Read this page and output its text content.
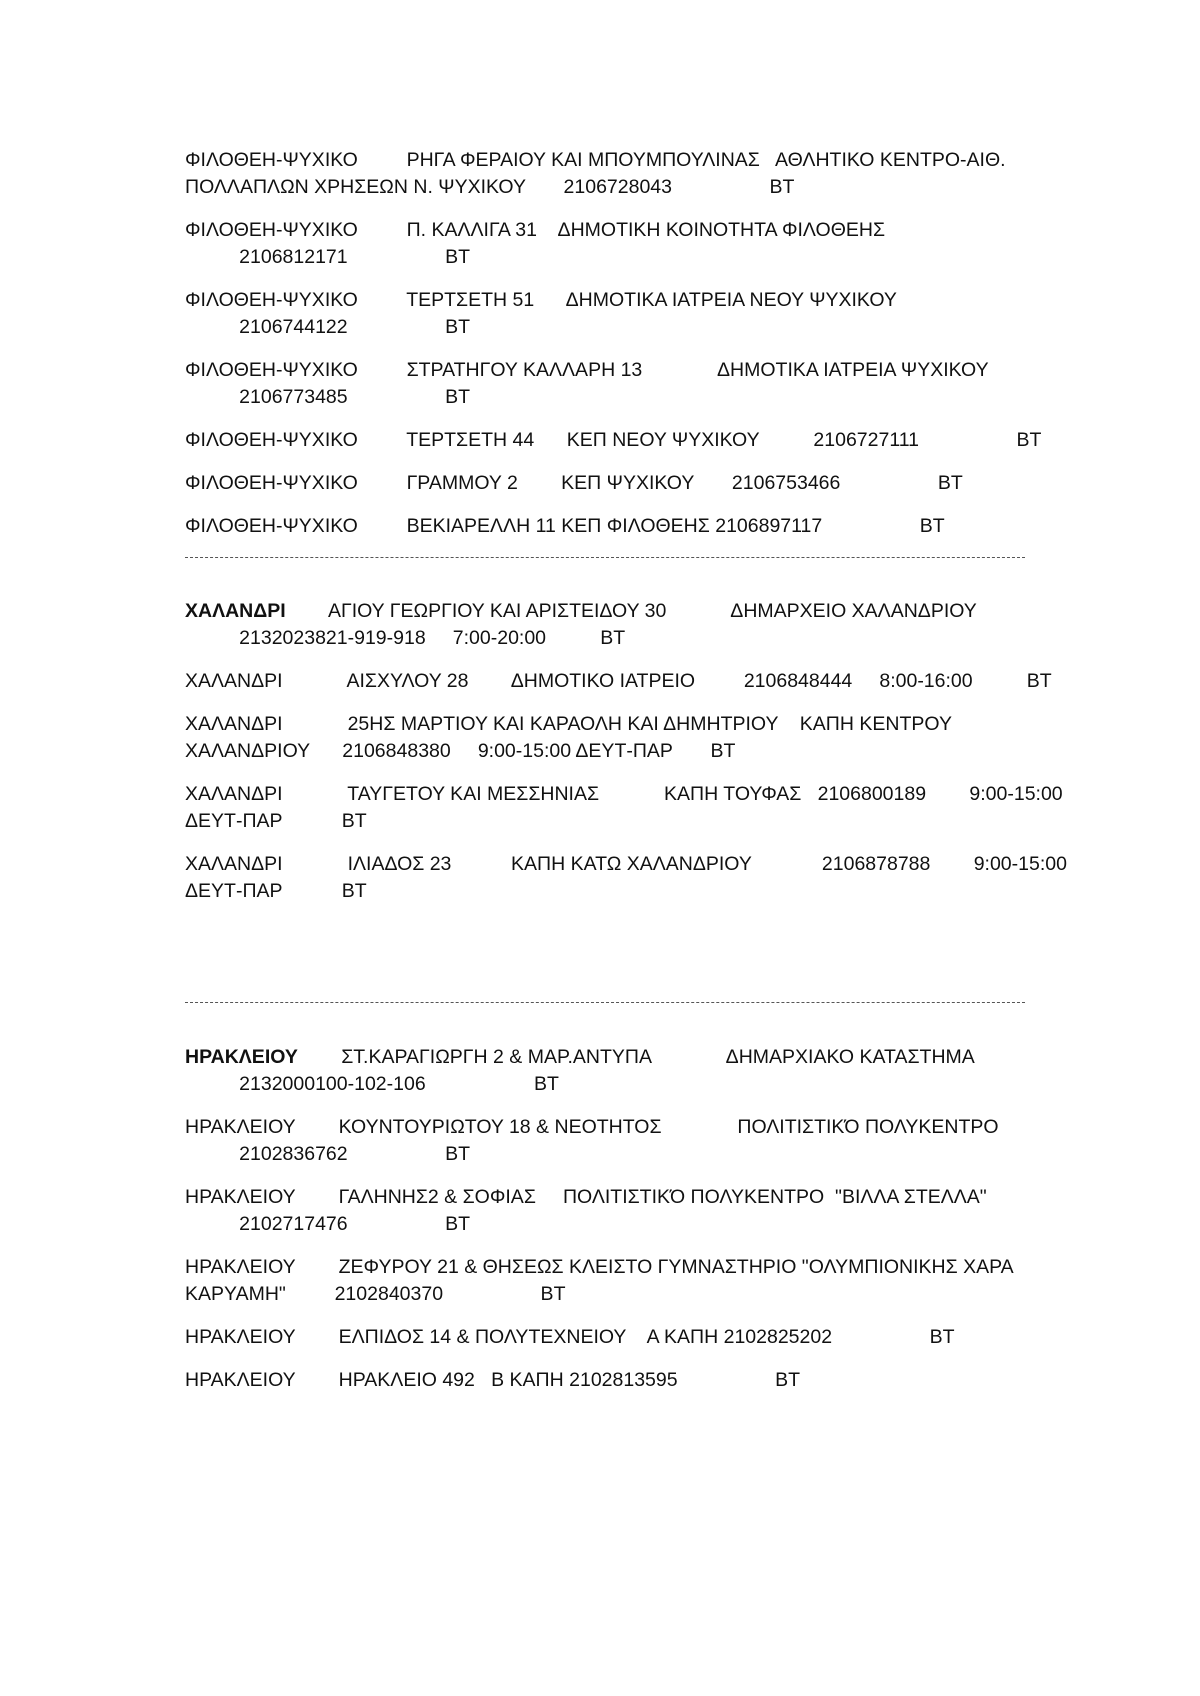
ΦΙΛΟΘΕΗ-ΨΥΧΙΚΟ         ΡΗΓΑ ΦΕΡΑΙΟΥ ΚΑΙ ΜΠΟΥΜΠΟΥΛΙΝΑΣ   ΑΘΛΗΤΙΚΟ ΚΕΝΤΡΟ-ΑΙΘ.
ΠΟΛΛΑΠΛΩΝ ΧΡΗΣΕΩΝ Ν. ΨΥΧΙΚΟΥ       2106728043                  ΒΤ
ΦΙΛΟΘΕΗ-ΨΥΧΙΚΟ         Π. ΚΑΛΛΙΓΑ 31    ΔΗΜΟΤΙΚΗ ΚΟΙΝΟΤΗΤΑ ΦΙΛΟΘΕΗΣ
2106812171                  ΒΤ
ΦΙΛΟΘΕΗ-ΨΥΧΙΚΟ         ΤΕΡΤΣΕΤΗ 51      ΔΗΜΟΤΙΚΑ ΙΑΤΡΕΙΑ ΝΕΟΥ ΨΥΧΙΚΟΥ
2106744122                  ΒΤ
ΦΙΛΟΘΕΗ-ΨΥΧΙΚΟ         ΣΤΡΑΤΗΓΟΥ ΚΑΛΛΑΡΗ 13              ΔΗΜΟΤΙΚΑ ΙΑΤΡΕΙΑ ΨΥΧΙΚΟΥ
2106773485                  ΒΤ
ΦΙΛΟΘΕΗ-ΨΥΧΙΚΟ         ΤΕΡΤΣΕΤΗ 44      ΚΕΠ ΝΕΟΥ ΨΥΧΙΚΟΥ          2106727111                  ΒΤ
ΦΙΛΟΘΕΗ-ΨΥΧΙΚΟ         ΓΡΑΜΜΟΥ 2        ΚΕΠ ΨΥΧΙΚΟΥ       2106753466                  ΒΤ
ΦΙΛΟΘΕΗ-ΨΥΧΙΚΟ         ΒΕΚΙΑΡΕΛΛΗ 11 ΚΕΠ ΦΙΛΟΘΕΗΣ 2106897117                  ΒΤ
ΧΑΛΑΝΔΡΙ        ΑΓΙΟΥ ΓΕΩΡΓΙΟΥ ΚΑΙ ΑΡΙΣΤΕΙΔΟΥ 30            ΔΗΜΑΡΧΕΙΟ ΧΑΛΑΝΔΡΙΟΥ
2132023821-919-918     7:00-20:00          ΒΤ
ΧΑΛΑΝΔΡΙ            ΑΙΣΧΥΛΟΥ 28        ΔΗΜΟΤΙΚΟ ΙΑΤΡΕΙΟ         2106848444     8:00-16:00          ΒΤ
ΧΑΛΑΝΔΡΙ            25ΗΣ ΜΑΡΤΙΟΥ ΚΑΙ ΚΑΡΑΟΛΗ ΚΑΙ ΔΗΜΗΤΡΙΟΥ    ΚΑΠΗ ΚΕΝΤΡΟΥ
ΧΑΛΑΝΔΡΙΟΥ      2106848380     9:00-15:00 ΔΕΥΤ-ΠΑΡ       ΒΤ
ΧΑΛΑΝΔΡΙ            ΤΑΥΓΕΤΟΥ ΚΑΙ ΜΕΣΣΗΝΙΑΣ            ΚΑΠΗ ΤΟΥΦΑΣ   2106800189        9:00-15:00
ΔΕΥΤ-ΠΑΡ           ΒΤ
ΧΑΛΑΝΔΡΙ            ΙΛΙΑΔΟΣ 23           ΚΑΠΗ ΚΑΤΩ ΧΑΛΑΝΔΡΙΟΥ             2106878788        9:00-15:00
ΔΕΥΤ-ΠΑΡ           ΒΤ
ΗΡΑΚΛΕΙΟΥ        ΣΤ.ΚΑΡΑΓΙΩΡΓΗ 2 & ΜΑΡ.ΑΝΤΥΠΑ              ΔΗΜΑΡΧΙΑΚΟ ΚΑΤΑΣΤΗΜΑ
2132000100-102-106                    ΒΤ
ΗΡΑΚΛΕΙΟΥ        ΚΟΥΝΤΟΥΡΙΩΤΟΥ 18 & ΝΕΟΤΗΤΟΣ              ΠΟΛΙΤΙΣΤΙΚΌ ΠΟΛΥΚΕΝΤΡΟ
2102836762                  ΒΤ
ΗΡΑΚΛΕΙΟΥ        ΓΑΛΗΝΗΣ2 & ΣΟΦΙΑΣ     ΠΟΛΙΤΙΣΤΙΚΌ ΠΟΛΥΚΕΝΤΡΟ  "ΒΙΛΛΑ ΣΤΕΛΛΑ"
2102717476                  ΒΤ
ΗΡΑΚΛΕΙΟΥ        ΖΕΦΥΡΟΥ 21 & ΘΗΣΕΩΣ ΚΛΕΙΣΤΟ ΓΥΜΝΑΣΤΗΡΙΟ "ΟΛΥΜΠΙΟΝΙΚΗΣ ΧΑΡΑ
ΚΑΡΥΑΜΗ"         2102840370                  ΒΤ
ΗΡΑΚΛΕΙΟΥ        ΕΛΠΙΔΟΣ 14 & ΠΟΛΥΤΕΧΝΕΙΟΥ    Α ΚΑΠΗ 2102825202                  ΒΤ
ΗΡΑΚΛΕΙΟΥ        ΗΡΑΚΛΕΙΟ 492   Β ΚΑΠΗ 2102813595                  ΒΤ
